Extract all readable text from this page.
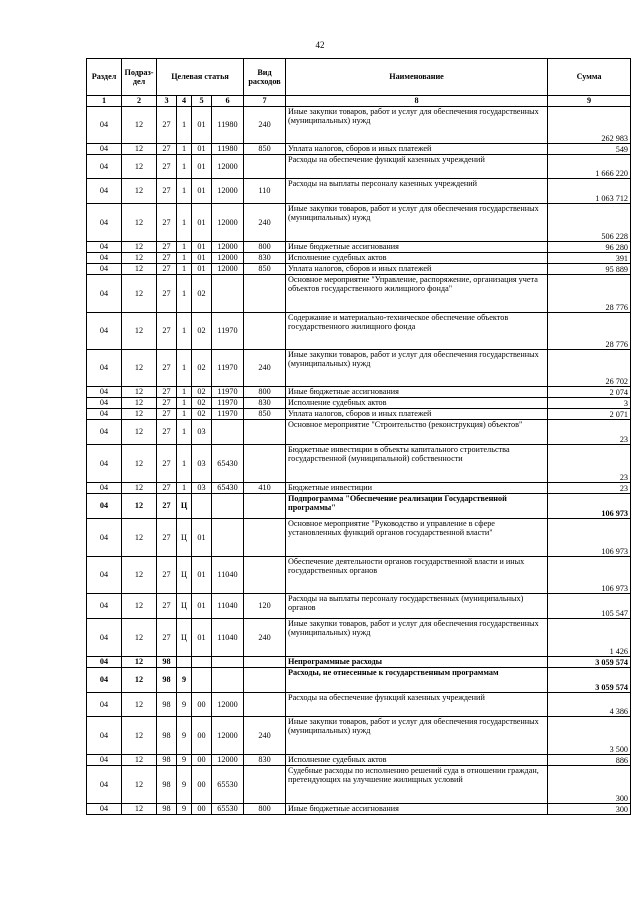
42
Раздел	Подраз- дел	Целевая статья				Вид расходов	Наименование	Сумма
1	2	3	4	5	6	7	8	9
04	12	27	1	01	11980	240	Иные закупки товаров, работ и услуг для обеспечения государственных (муниципальных) нужд	262 983
04	12	27	1	01	11980	850	Уплата налогов, сборов и иных платежей	549
04	12	27	1	01	12000		Расходы на обеспечение функций казенных учреждений	1 666 220
04	12	27	1	01	12000	110	Расходы на выплаты персоналу казенных учреждений	1 063 712
04	12	27	1	01	12000	240	Иные закупки товаров, работ и услуг для обеспечения государственных (муниципальных) нужд	506 228
04	12	27	1	01	12000	800	Иные бюджетные ассигнования	96 280
04	12	27	1	01	12000	830	Исполнение судебных актов	391
04	12	27	1	01	12000	850	Уплата налогов, сборов и иных платежей	95 889
04	12	27	1	02			Основное мероприятие "Управление, распоряжение, организация учета объектов государственного жилищного фонда"	28 776
04	12	27	1	02	11970		Содержание и материально-техническое обеспечение объектов государственного жилищного фонда	28 776
04	12	27	1	02	11970	240	Иные закупки товаров, работ и услуг для обеспечения государственных (муниципальных) нужд	26 702
04	12	27	1	02	11970	800	Иные бюджетные ассигнования	2 074
04	12	27	1	02	11970	830	Исполнение судебных актов	3
04	12	27	1	02	11970	850	Уплата налогов, сборов и иных платежей	2 071
04	12	27	1	03			Основное мероприятие "Строительство (реконструкция) объектов"	23
04	12	27	1	03	65430		Бюджетные инвестиции в объекты капитального строительства государственной (муниципальной) собственности	23
04	12	27	1	03	65430	410	Бюджетные инвестиции	23
04	12	27	Ц				Подпрограмма "Обеспечение реализации Государственной программы"	106 973
04	12	27	Ц	01			Основное мероприятие "Руководство и управление в сфере установленных функций органов государственной власти"	106 973
04	12	27	Ц	01	11040		Обеспечение деятельности органов государственной власти и иных государственных органов	106 973
04	12	27	Ц	01	11040	120	Расходы на выплаты персоналу государственных (муниципальных) органов	105 547
04	12	27	Ц	01	11040	240	Иные закупки товаров, работ и услуг для обеспечения государственных (муниципальных) нужд	1 426
04	12	98					Непрограммные расходы	3 059 574
04	12	98	9				Расходы, не отнесенные к государственным программам	3 059 574
04	12	98	9	00	12000		Расходы на обеспечение функций казенных учреждений	4 386
04	12	98	9	00	12000	240	Иные закупки товаров, работ и услуг для обеспечения государственных (муниципальных) нужд	3 500
04	12	98	9	00	12000	830	Исполнение судебных актов	886
04	12	98	9	00	65530		Судебные расходы по исполнению решений суда в отношении граждан, претендующих на улучшение жилищных условий	300
04	12	98	9	00	65530	800	Иные бюджетные ассигнования	300
